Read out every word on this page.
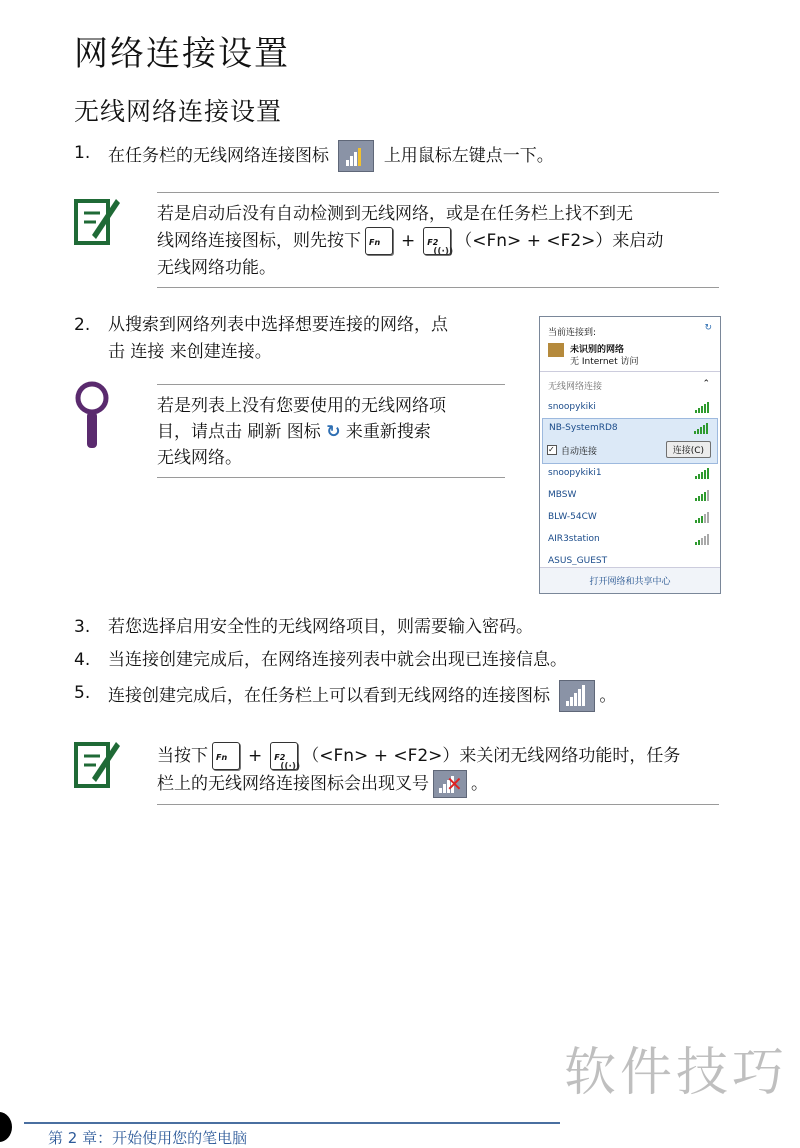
网络连接设置
无线网络连接设置
1. 在任务栏的无线网络连接图标	上用鼠标左键点一下。
若是启动后没有自动检测到无线网络，或是在任务栏上找不到无
线网络连接图标，则先按下 Fn + F2
((·))
（<Fn> + <F2>）来启动
无线网络功能。
2. 从搜索到网络列表中选择想要连接的网络，点
击 连接 来创建连接。
若是列表上没有您要使用的无线网络项
目，请点击 刷新 图标 ↻ 来重新搜索
无线网络。
当前连接到:	↻
未识别的网络
无 Internet 访问
无线网络连接	⌃
snoopykiki
NB-SystemRD8
✓ 自动连接	连接(C)
snoopykiki1
MBSW
BLW-54CW
AIR3station
ASUS_GUEST
打开网络和共享中心
3. 若您选择启用安全性的无线网络项目，则需要输入密码。
4. 当连接创建完成后，在网络连接列表中就会出现已连接信息。
5. 连接创建完成后，在任务栏上可以看到无线网络的连接图标	。
当按下 Fn + F2
((·))
（<Fn> + <F2>）来关闭无线网络功能时，任务
栏上的无线网络连接图标会出现叉号 ✕ 。
软件技巧
第 2 章：开始使用您的笔电脑
